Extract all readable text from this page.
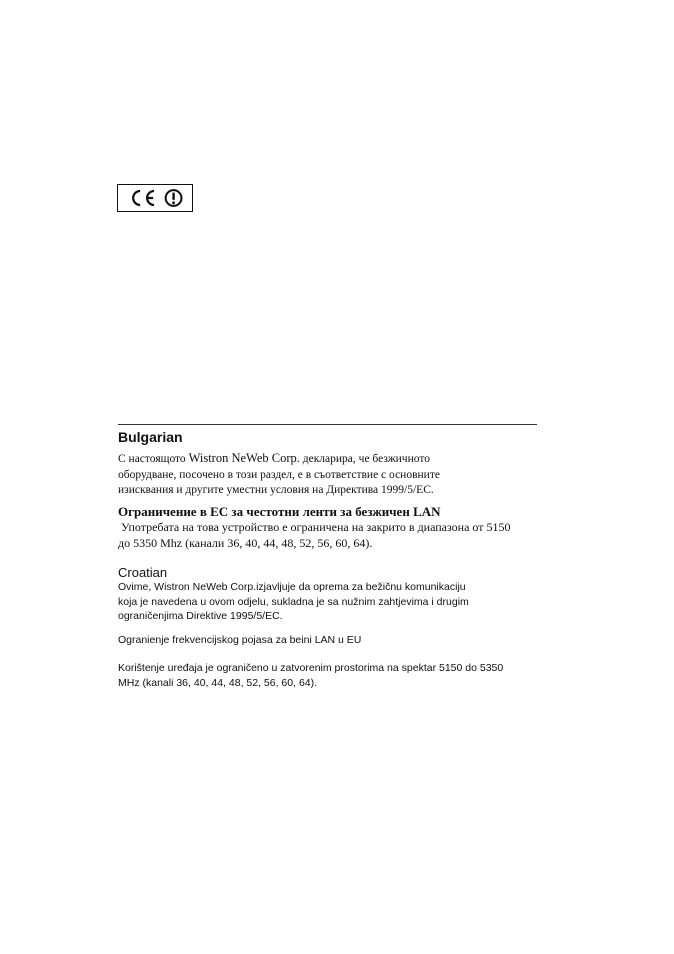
Bulgarian

С настоящото Wistron NeWeb Corp. декларира, че безжичното
оборудване, посочено в този раздел, е в съответствие с основните
изисквания и другите уместни условия на Директива 1999/5/ЕС.

Ограничение в ЕС за честотни ленти за безжичен LAN

Употребата на това устройство е ограничена на закрито в диапазона от 5150
до 5350 Mhz (канали 36, 40, 44, 48, 52, 56, 60, 64).

Croatian

Ovime, Wistron NeWeb Corp.izjavljuje da oprema za bežičnu komunikaciju
koja je navedena u ovom odjelu, sukladna je sa nužnim zahtjevima i drugim
ograničenjima Direktive 1995/5/EC.

Ogranienje frekvencijskog pojasa za beini LAN u EU

Korištenje uređaja je ograničeno u zatvorenim prostorima na spektar 5150 do 5350
MHz (kanali 36, 40, 44, 48, 52, 56, 60, 64).
